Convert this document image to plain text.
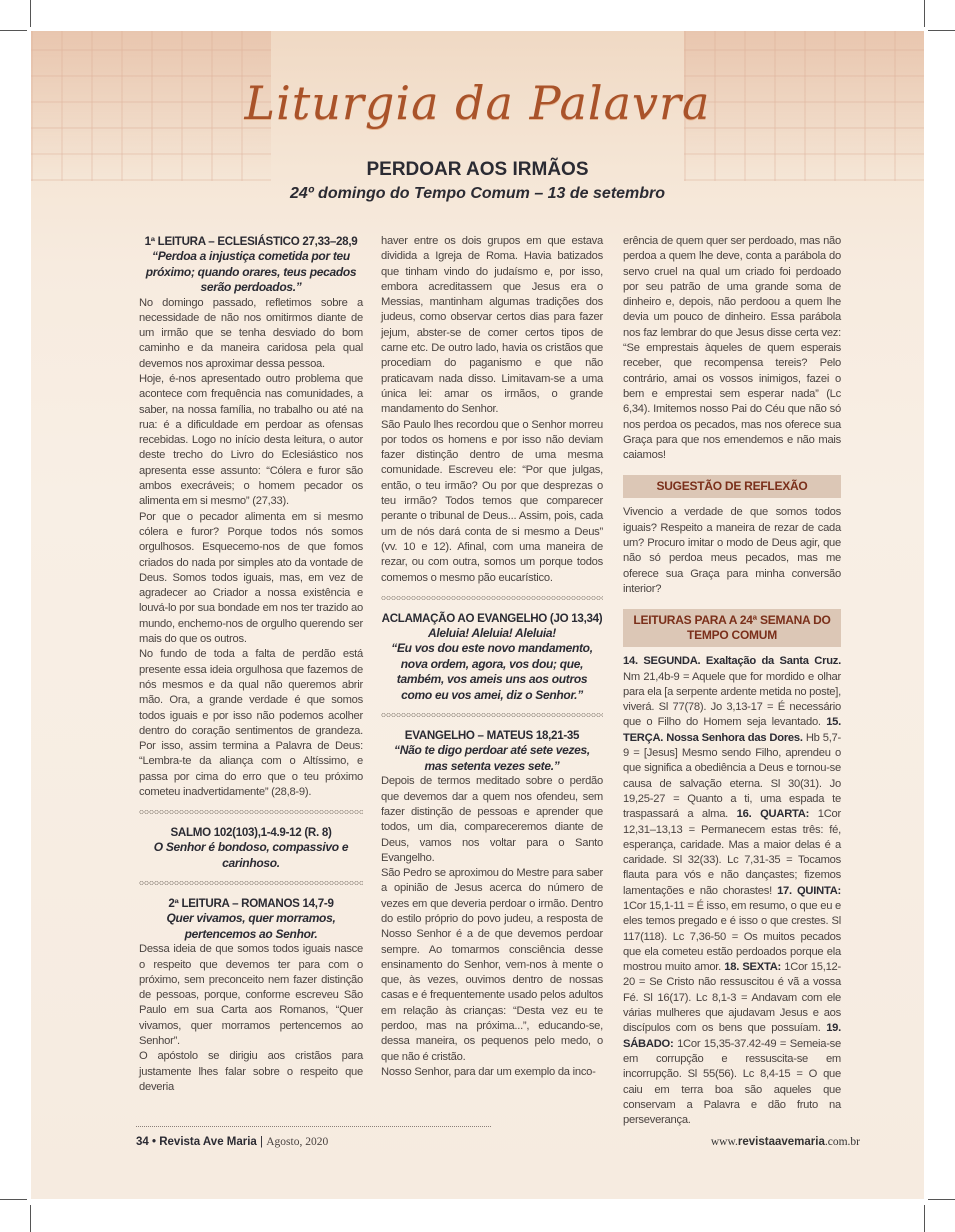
Liturgia da Palavra
PERDOAR AOS IRMÃOS
24º domingo do Tempo Comum – 13 de setembro
1ª LEITURA – ECLESIÁSTICO 27,33–28,9
“Perdoa a injustiça cometida por teu próximo; quando orares, teus pecados serão perdoados.”

No domingo passado, refletimos sobre a necessidade de não nos omitirmos diante de um irmão que se tenha desviado do bom caminho e da maneira caridosa pela qual devemos nos aproximar dessa pessoa.

Hoje, é-nos apresentado outro problema que acontece com frequência nas comunidades, a saber, na nossa família, no trabalho ou até na rua: é a dificuldade em perdoar as ofensas recebidas. Logo no início desta leitura, o autor deste trecho do Livro do Eclesiástico nos apresenta esse assunto: “Cólera e furor são ambos execráveis; o homem pecador os alimenta em si mesmo” (27,33).

Por que o pecador alimenta em si mesmo cólera e furor? Porque todos nós somos orgulhosos. Esquecemo-nos de que fomos criados do nada por simples ato da vontade de Deus. Somos todos iguais, mas, em vez de agradecer ao Criador a nossa existência e louvá-lo por sua bondade em nos ter trazido ao mundo, enchemo-nos de orgulho querendo ser mais do que os outros.

No fundo de toda a falta de perdão está presente essa ideia orgulhosa que fazemos de nós mesmos e da qual não queremos abrir mão. Ora, a grande verdade é que somos todos iguais e por isso não podemos acolher dentro do coração sentimentos de grandeza. Por isso, assim termina a Palavra de Deus: “Lembra-te da aliança com o Altíssimo, e passa por cima do erro que o teu próximo cometeu inadvertidamente” (28,8-9).

SALMO 102(103),1-4.9-12 (R. 8)
O Senhor é bondoso, compassivo e carinhoso.
2ª LEITURA – ROMANOS 14,7-9
Quer vivamos, quer morramos, pertencemos ao Senhor.

Dessa ideia de que somos todos iguais nasce o respeito que devemos ter para com o próximo, sem preconceito nem fazer distinção de pessoas, porque, conforme escreveu São Paulo em sua Carta aos Romanos, “Quer vivamos, quer morramos pertencemos ao Senhor”.

O apóstolo se dirigiu aos cristãos para justamente lhes falar sobre o respeito que deveria

haver entre os dois grupos em que estava dividida a Igreja de Roma. Havia batizados que tinham vindo do judaísmo e, por isso, embora acreditassem que Jesus era o Messias, mantinham algumas tradições dos judeus, como observar certos dias para fazer jejum, abster-se de comer certos tipos de carne etc. De outro lado, havia os cristãos que procediam do paganismo e que não praticavam nada disso. Limitavam-se a uma única lei: amar os irmãos, o grande mandamento do Senhor.

São Paulo lhes recordou que o Senhor morreu por todos os homens e por isso não deviam fazer distinção dentro de uma mesma comunidade. Escreveu ele: “Por que julgas, então, o teu irmão? Ou por que desprezas o teu irmão? Todos temos que comparecer perante o tribunal de Deus... Assim, pois, cada um de nós dará conta de si mesmo a Deus” (vv. 10 e 12). Afinal, com uma maneira de rezar, ou com outra, somos um porque todos comemos o mesmo pão eucarístico.

ACLAMAÇÃO AO EVANGELHO (JO 13,34)
Aleluia! Aleluia! Aleluia!
“Eu vos dou este novo mandamento, nova ordem, agora, vos dou; que, também, vos ameis uns aos outros como eu vos amei, diz o Senhor.”
EVANGELHO – MATEUS 18,21-35
“Não te digo perdoar até sete vezes, mas setenta vezes sete.”

Depois de termos meditado sobre o perdão que devemos dar a quem nos ofendeu, sem fazer distinção de pessoas e aprender que todos, um dia, compareceremos diante de Deus, vamos nos voltar para o Santo Evangelho.

São Pedro se aproximou do Mestre para saber a opinião de Jesus acerca do número de vezes em que deveria perdoar o irmão. Dentro do estilo próprio do povo judeu, a resposta de Nosso Senhor é a de que devemos perdoar sempre. Ao tomarmos consciência desse ensinamento do Senhor, vem-nos à mente o que, às vezes, ouvimos dentro de nossas casas e é frequentemente usado pelos adultos em relação às crianças: “Desta vez eu te perdoo, mas na próxima...”, educando-se, dessa maneira, os pequenos pelo medo, o que não é cristão.

Nosso Senhor, para dar um exemplo da inco-

erência de quem quer ser perdoado, mas não perdoa a quem lhe deve, conta a parábola do servo cruel na qual um criado foi perdoado por seu patrão de uma grande soma de dinheiro e, depois, não perdoou a quem lhe devia um pouco de dinheiro. Essa parábola nos faz lembrar do que Jesus disse certa vez: “Se emprestais àqueles de quem esperais receber, que recompensa tereis? Pelo contrário, amai os vossos inimigos, fazei o bem e emprestai sem esperar nada” (Lc 6,34). Imitemos nosso Pai do Céu que não só nos perdoa os pecados, mas nos oferece sua Graça para que nos emendemos e não mais caiamos!

SUGESTÃO DE REFLEXÃO

Vivencio a verdade de que somos todos iguais? Respeito a maneira de rezar de cada um? Procuro imitar o modo de Deus agir, que não só perdoa meus pecados, mas me oferece sua Graça para minha conversão interior?

LEITURAS PARA A 24ª SEMANA DO TEMPO COMUM

14. SEGUNDA. Exaltação da Santa Cruz. Nm 21,4b-9 = Aquele que for mordido e olhar para ela [a serpente ardente metida no poste], viverá. Sl 77(78). Jo 3,13-17 = É necessário que o Filho do Homem seja levantado. 15. TERÇA. Nossa Senhora das Dores. Hb 5,7-9 = [Jesus] Mesmo sendo Filho, aprendeu o que significa a obediência a Deus e tornou-se causa de salvação eterna. Sl 30(31). Jo 19,25-27 = Quanto a ti, uma espada te traspassará a alma. 16. QUARTA: 1Cor 12,31–13,13 = Permanecem estas três: fé, esperança, caridade. Mas a maior delas é a caridade. Sl 32(33). Lc 7,31-35 = Tocamos flauta para vós e não dançastes; fizemos lamentações e não chorastes! 17. QUINTA: 1Cor 15,1-11 = É isso, em resumo, o que eu e eles temos pregado e é isso o que crestes. Sl 117(118). Lc 7,36-50 = Os muitos pecados que ela cometeu estão perdoados porque ela mostrou muito amor. 18. SEXTA: 1Cor 15,12-20 = Se Cristo não ressuscitou é vã a vossa Fé. Sl 16(17). Lc 8,1-3 = Andavam com ele várias mulheres que ajudavam Jesus e aos discípulos com os bens que possuíam. 19. SÁBADO: 1Cor 15,35-37.42-49 = Semeia-se em corrupção e ressuscita-se em incorrupção. Sl 55(56). Lc 8,4-15 = O que caiu em terra boa são aqueles que conservam a Palavra e dão fruto na perseverança.

34 • Revista Ave Maria | Agosto, 2020	www.revistaavemaria.com.br
